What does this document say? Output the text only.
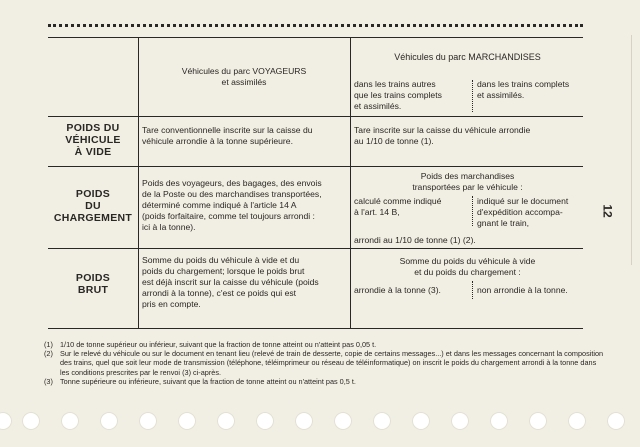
12
Véhicules du parc VOYAGEURS
et assimilés
Véhicules du parc MARCHANDISES
dans les trains autres
que les trains complets
et assimilés.
dans les trains complets
et assimilés.
POIDS DU
VÉHICULE
À VIDE
Tare conventionnelle inscrite sur la caisse du
véhicule arrondie à la tonne supérieure.
Tare inscrite sur la caisse du véhicule arrondie
au 1/10 de tonne (1).
POIDS
DU
CHARGEMENT
Poids des voyageurs, des bagages, des envois
de la Poste ou des marchandises transportées,
déterminé comme indiqué à l'article 14 A
(poids forfaitaire, comme tel toujours arrondi :
ici à la tonne).
Poids des marchandises
transportées par le véhicule :
calculé comme indiqué
à l'art. 14 B,
indiqué sur le document
d'expédition accompa-
gnant le train,
arrondi au 1/10 de tonne (1) (2).
POIDS
BRUT
Somme du poids du véhicule à vide et du
poids du chargement; lorsque le poids brut
est déjà inscrit sur la caisse du véhicule (poids
arrondi à la tonne), c'est ce poids qui est
pris en compte.
Somme du poids du véhicule à vide
et du poids du chargement :
arrondie à la tonne (3).	non arrondie à la tonne.
(1) 1/10 de tonne supérieur ou inférieur, suivant que la fraction de tonne atteint ou n'atteint pas 0,05 t.
(2) Sur le relevé du véhicule ou sur le document en tenant lieu (relevé de train de desserte, copie de certains messages...) et dans les messages concernant la composition des trains, quel que soit leur mode de transmission (téléphone, téléimprimeur ou réseau de téléinformatique) on inscrit le poids du chargement arrondi à la tonne dans les conditions prescrites par le renvoi (3) ci-après.
(3) Tonne supérieure ou inférieure, suivant que la fraction de tonne atteint ou n'atteint pas 0,5 t.
